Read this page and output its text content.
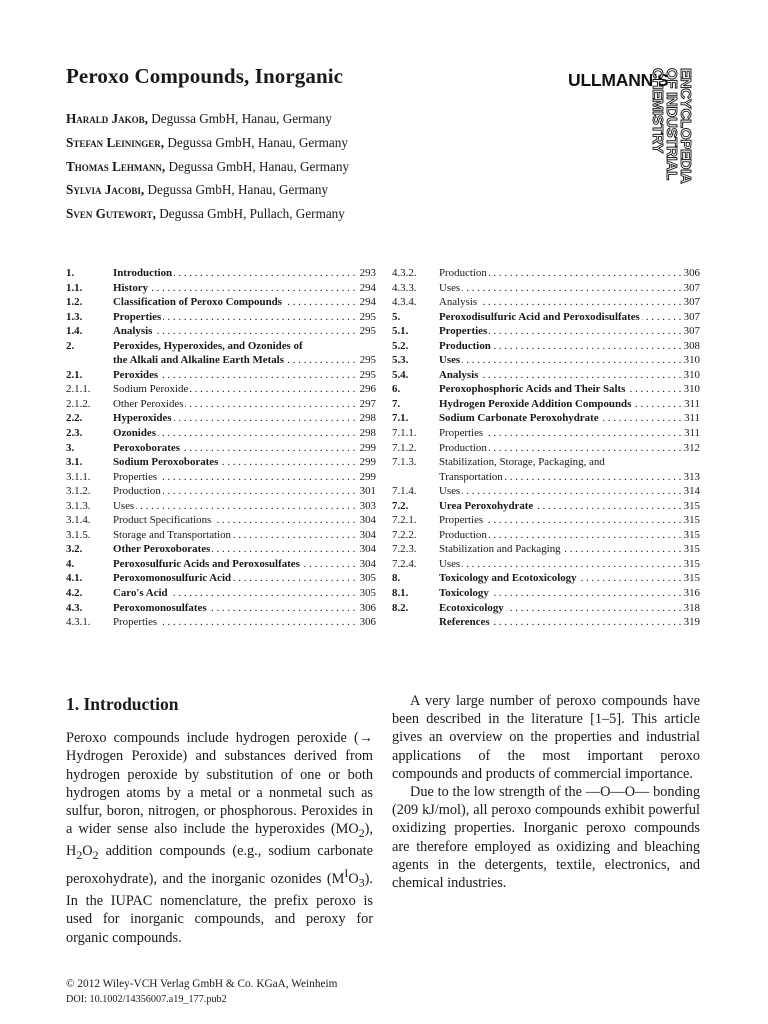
Peroxo Compounds, Inorganic
Harald Jakob, Degussa GmbH, Hanau, Germany
Stefan Leininger, Degussa GmbH, Hanau, Germany
Thomas Lehmann, Degussa GmbH, Hanau, Germany
Sylvia Jacobi, Degussa GmbH, Hanau, Germany
Sven Gutewort, Degussa GmbH, Pullach, Germany
ULLMANN'S ENCYCLOPEDIA
OF INDUSTRIAL
CHEMISTRY
1.	Introduction . . .	293
1.1.	History . . .	294
1.2.	Classification of Peroxo Compounds . . .	294
1.3.	Properties . . .	295
1.4.	Analysis . . .	295
2.	Peroxides, Hyperoxides, and Ozonides of
the Alkali and Alkaline Earth Metals . . .	295
2.1.	Peroxides . . .	295
2.1.1. Sodium Peroxide . . .	296
2.1.2. Other Peroxides . . .	297
2.2.	Hyperoxides . . .	298
2.3.	Ozonides . . .	298
3.	Peroxoborates . . .	299
3.1.	Sodium Peroxoborates . . .	299
3.1.1. Properties . . .	299
3.1.2. Production . . .	301
3.1.3. Uses . . .	303
3.1.4. Product Specifications . . .	304
3.1.5. Storage and Transportation . . .	304
3.2.	Other Peroxoborates . . .	304
4.	Peroxosulfuric Acids and Peroxosulfates . . .	304
4.1.	Peroxomonosulfuric Acid . . .	305
4.2.	Caro's Acid . . .	305
4.3.	Peroxomonosulfates . . .	306
4.3.1. Properties . . .	306
4.3.2. Production . . .	306
4.3.3. Uses . . .	307
4.3.4. Analysis . . .	307
5.	Peroxodisulfuric Acid and Peroxodisulfates . . .	307
5.1.	Properties . . .	307
5.2.	Production . . .	308
5.3.	Uses . . .	310
5.4.	Analysis . . .	310
6.	Peroxophosphoric Acids and Their Salts . . .	310
7.	Hydrogen Peroxide Addition Compounds . . .	311
7.1.	Sodium Carbonate Peroxohydrate . . .	311
7.1.1. Properties . . .	311
7.1.2. Production . . .	312
7.1.3. Stabilization, Storage, Packaging, and
Transportation . . .	313
7.1.4. Uses . . .	314
7.2.	Urea Peroxohydrate . . .	315
7.2.1. Properties . . .	315
7.2.2. Production . . .	315
7.2.3. Stabilization and Packaging . . .	315
7.2.4. Uses . . .	315
8.	Toxicology and Ecotoxicology . . .	315
8.1.	Toxicology . . .	316
8.2.	Ecotoxicology . . .	318
References . . .	319
1. Introduction

Peroxo compounds include hydrogen peroxide (→ Hydrogen Peroxide) and substances derived from hydrogen peroxide by substitution of one or both hydrogen atoms by a metal or a nonmetal such as sulfur, boron, nitrogen, or phosphorous. Peroxides in a wider sense also include the hyperoxides $(MO_2)$, $H_2O_2$ addition compounds (e.g., sodium carbonate peroxohydrate), and the inorganic ozonides $(M^IO_3)$. In the IUPAC nomenclature, the prefix peroxo is used for inorganic compounds, and peroxy for organic compounds.

A very large number of peroxo compounds have been described in the literature [1–5]. This article gives an overview on the properties and industrial applications of the most important peroxo compounds and products of commercial importance.

Due to the low strength of the —O—O— bonding (209 kJ/mol), all peroxo compounds exhibit powerful oxidizing properties. Inorganic peroxo compounds are therefore employed as oxidizing and bleaching agents in the detergents, textile, electronics, and chemical industries.

© 2012 Wiley-VCH Verlag GmbH & Co. KGaA, Weinheim
DOI: 10.1002/14356007.a19_177.pub2
